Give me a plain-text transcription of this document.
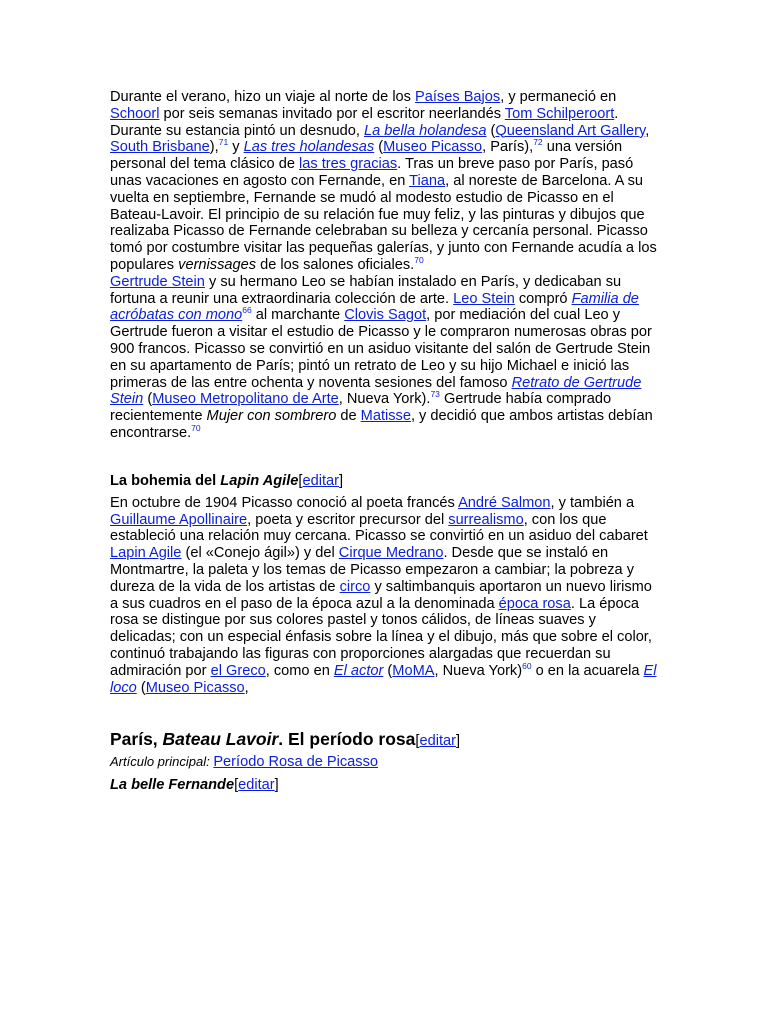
Durante el verano, hizo un viaje al norte de los Países Bajos, y permaneció en Schoorl por seis semanas invitado por el escritor neerlandés Tom Schilperoort. Durante su estancia pintó un desnudo, La bella holandesa (Queensland Art Gallery, South Brisbane),$^{71}$ y Las tres holandesas (Museo Picasso, París),$^{72}$ una versión personal del tema clásico de las tres gracias. Tras un breve paso por París, pasó unas vacaciones en agosto con Fernande, en Tiana, al noreste de Barcelona. A su vuelta en septiembre, Fernande se mudó al modesto estudio de Picasso en el Bateau-Lavoir. El principio de su relación fue muy feliz, y las pinturas y dibujos que realizaba Picasso de Fernande celebraban su belleza y cercanía personal. Picasso tomó por costumbre visitar las pequeñas galerías, y junto con Fernande acudía a los populares vernissages de los salones oficiales.$^{70}$

Gertrude Stein y su hermano Leo se habían instalado en París, y dedicaban su fortuna a reunir una extraordinaria colección de arte. Leo Stein compró Familia de acróbatas con mono$^{66}$ al marchante Clovis Sagot, por mediación del cual Leo y Gertrude fueron a visitar el estudio de Picasso y le compraron numerosas obras por 900 francos. Picasso se convirtió en un asiduo visitante del salón de Gertrude Stein en su apartamento de París; pintó un retrato de Leo y su hijo Michael e inició las primeras de las entre ochenta y noventa sesiones del famoso Retrato de Gertrude Stein (Museo Metropolitano de Arte, Nueva York).$^{73}$ Gertrude había comprado recientemente Mujer con sombrero de Matisse, y decidió que ambos artistas debían encontrarse.$^{70}$

La bohemia del Lapin Agile[editar]

En octubre de 1904 Picasso conoció al poeta francés André Salmon, y también a Guillaume Apollinaire, poeta y escritor precursor del surrealismo, con los que estableció una relación muy cercana. Picasso se convirtió en un asiduo del cabaret Lapin Agile (el «Conejo ágil») y del Cirque Medrano. Desde que se instaló en Montmartre, la paleta y los temas de Picasso empezaron a cambiar; la pobreza y dureza de la vida de los artistas de circo y saltimbanquis aportaron un nuevo lirismo a sus cuadros en el paso de la época azul a la denominada época rosa. La época rosa se distingue por sus colores pastel y tonos cálidos, de líneas suaves y delicadas; con un especial énfasis sobre la línea y el dibujo, más que sobre el color, continuó trabajando las figuras con proporciones alargadas que recuerdan su admiración por el Greco, como en El actor (MoMA, Nueva York)$^{60}$ o en la acuarela El loco (Museo Picasso,

París, Bateau Lavoir. El período rosa[editar]

Artículo principal: Período Rosa de Picasso

La belle Fernande[editar]
